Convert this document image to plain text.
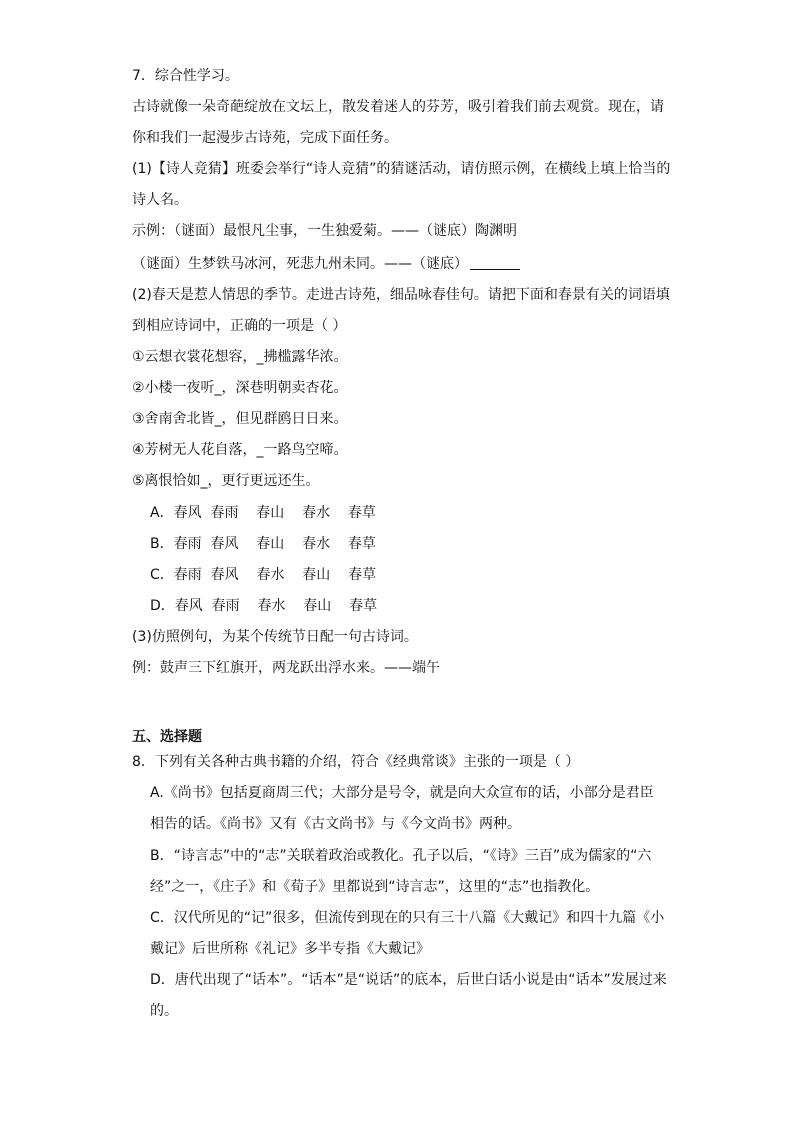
7．综合性学习。
古诗就像一朵奇葩绽放在文坛上，散发着迷人的芬芳，吸引着我们前去观赏。现在，请
你和我们一起漫步古诗苑，完成下面任务。
(1)【诗人竞猜】班委会举行“诗人竞猜”的猜谜活动，请仿照示例，在横线上填上恰当的
诗人名。
示例：（谜面）最恨凡尘事，一生独爱菊。——（谜底）陶渊明
（谜面）生梦铁马冰河，死悲九州未同。——（谜底）
(2)春天是惹人情思的季节。走进古诗苑，细品咏春佳句。请把下面和春景有关的词语填
到相应诗词中，正确的一项是（ ）
①云想衣裳花想容，_拂槛露华浓。
②小楼一夜听_，深巷明朝卖杏花。
③舍南舍北皆_，但见群鸥日日来。
④芳树无人花自落，_一路鸟空啼。
⑤离恨恰如_，更行更远还生。
A．春风  春雨    春山    春水    春草
B．春雨  春风    春山    春水    春草
C．春雨  春风    春水    春山    春草
D．春风  春雨    春水    春山    春草
(3)仿照例句，为某个传统节日配一句古诗词。
例：鼓声三下红旗开，两龙跃出浮水来。——端午
五、选择题
8．下列有关各种古典书籍的介绍，符合《经典常谈》主张的一项是（ ）
A.《尚书》包括夏商周三代；大部分是号令，就是向大众宣布的话，小部分是君臣
相告的话。《尚书》又有《古文尚书》与《今文尚书》两种。
B．“诗言志”中的“志”关联着政治或教化。孔子以后，“《诗》三百”成为儒家的“六
经”之一，《庄子》和《荀子》里都说到“诗言志”，这里的“志”也指教化。
C．汉代所见的“记”很多，但流传到现在的只有三十八篇《大戴记》和四十九篇《小
戴记》后世所称《礼记》多半专指《大戴记》
D．唐代出现了“话本”。“话本”是“说话”的底本，后世白话小说是由“话本”发展过来
的。
